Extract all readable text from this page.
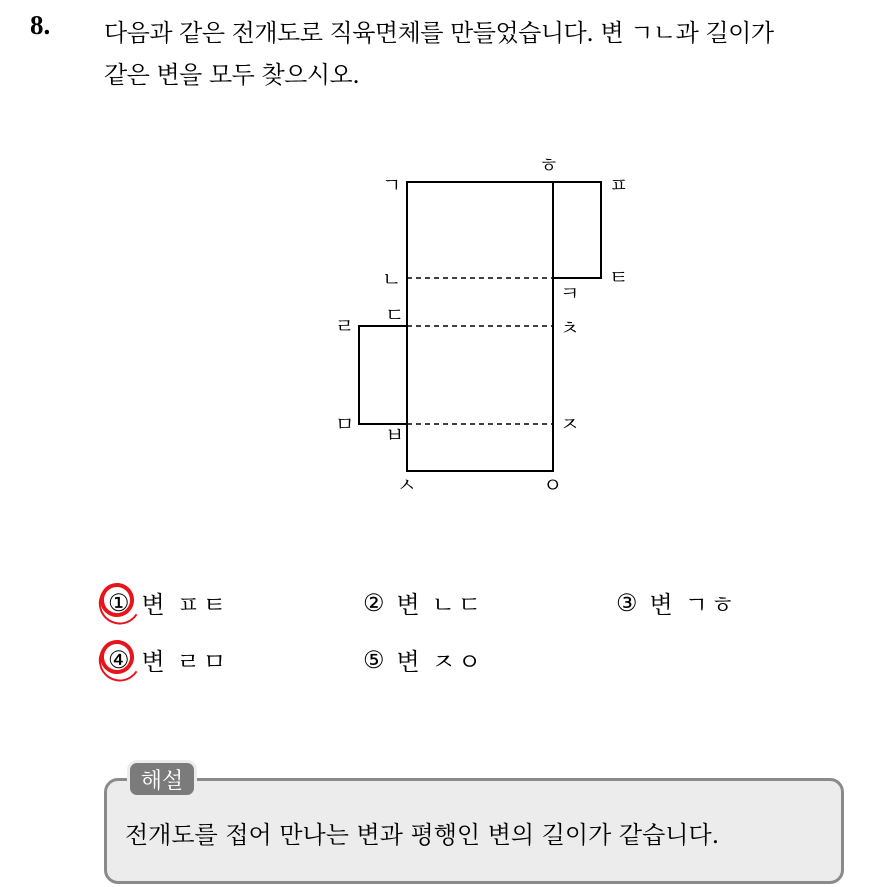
8. 다음과 같은 전개도로 직육면체를 만들었습니다. 변 ㄱㄴ과 길이가
같은 변을 모두 찾으시오.
ㄱ
ㅎ
ㅍ
ㅌ
ㄴ
ㅋ
ㄷ
ㅊ
ㄹ
ㅁ ㅂ	ㅈ
ㅅ	ㅇ
① 변 ㅍㅌ	② 변 ㄴㄷ	③ 변 ㄱㅎ
④ 변 ㄹㅁ	⑤ 변 ㅈㅇ
해설
전개도를 접어 만나는 변과 평행인 변의 길이가 같습니다.
